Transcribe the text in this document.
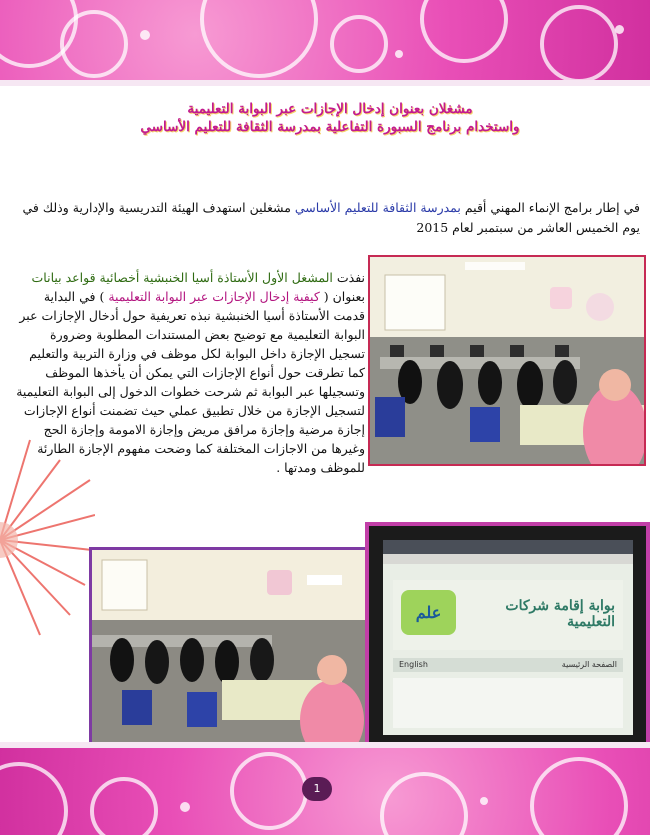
مشغلان بعنوان إدخال الإجازات عبر البوابة التعليمية
واستخدام برنامج السبورة التفاعلية بمدرسة الثقافة للتعليم الأساسي
في إطار برامج الإنماء المهني أقيم بمدرسة الثقافة للتعليم الأساسي مشغلين استهدف الهيئة التدريسية والإدارية وذلك في يوم الخميس العاشر من سبتمبر لعام 2015
نفذت المشغل الأول الأستاذة أسيا الخنبشية أخصائية قواعد بيانات بعنوان ( كيفية إدخال الإجازات عبر البوابة التعليمية ) في البداية قدمت الأستاذة أسيا الخنبشية نبذه تعريفية حول أدخال الإجازات عبر البوابة التعليمية مع توضيح بعض المستندات المطلوبة وضرورة تسجيل الإجازة داخل البوابة لكل موظف في وزارة التربية والتعليم كما تطرقت حول أنواع الإجازات التي يمكن أن يأخذها الموظف وتسجيلها عبر البوابة ثم شرحت خطوات الدخول إلى البوابة التعليمية لتسجيل الإجازة من خلال تطبيق عملي حيث تضمنت أنواع الإجازات إجازة مرضية وإجازة مرافق مريض وإجازة الامومة وإجازة الحج وغيرها من الاجازات المختلفة كما وضحت مفهوم الإجازة الطارئة للموظف ومدتها .
علم	بوابة إقامة شركات التعليمية
English	الصفحة الرئيسية
1
